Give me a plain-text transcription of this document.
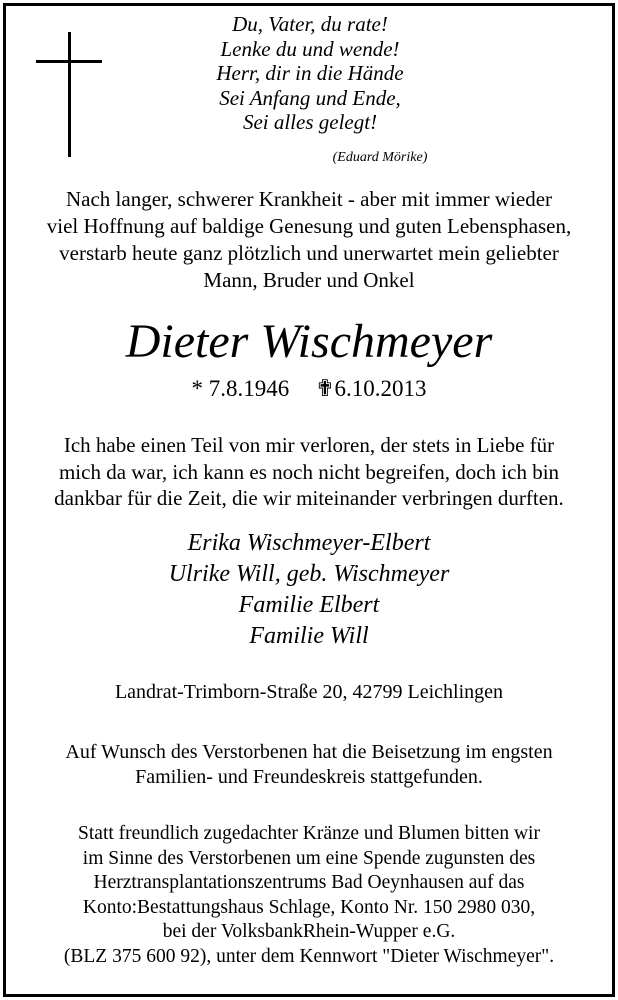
Du, Vater, du rate!
Lenke du und wende!
Herr, dir in die Hände
Sei Anfang und Ende,
Sei alles gelegt!
(Eduard Mörike)
Nach langer, schwerer Krankheit - aber mit immer wieder
viel Hoffnung auf baldige Genesung und guten Lebensphasen,
verstarb heute ganz plötzlich und unerwartet mein geliebter
Mann, Bruder und Onkel
Dieter Wischmeyer
* 7.8.1946 ✟6.10.2013
Ich habe einen Teil von mir verloren, der stets in Liebe für
mich da war, ich kann es noch nicht begreifen, doch ich bin
dankbar für die Zeit, die wir miteinander verbringen durften.
Erika Wischmeyer-Elbert
Ulrike Will, geb. Wischmeyer
Familie Elbert
Familie Will
Landrat-Trimborn-Straße 20, 42799 Leichlingen
Auf Wunsch des Verstorbenen hat die Beisetzung im engsten
Familien- und Freundeskreis stattgefunden.
Statt freundlich zugedachter Kränze und Blumen bitten wir
im Sinne des Verstorbenen um eine Spende zugunsten des
Herztransplantationszentrums Bad Oeynhausen auf das
Konto:Bestattungshaus Schlage, Konto Nr. 150 2980 030,
bei der VolksbankRhein-Wupper e.G.
(BLZ 375 600 92), unter dem Kennwort "Dieter Wischmeyer".
